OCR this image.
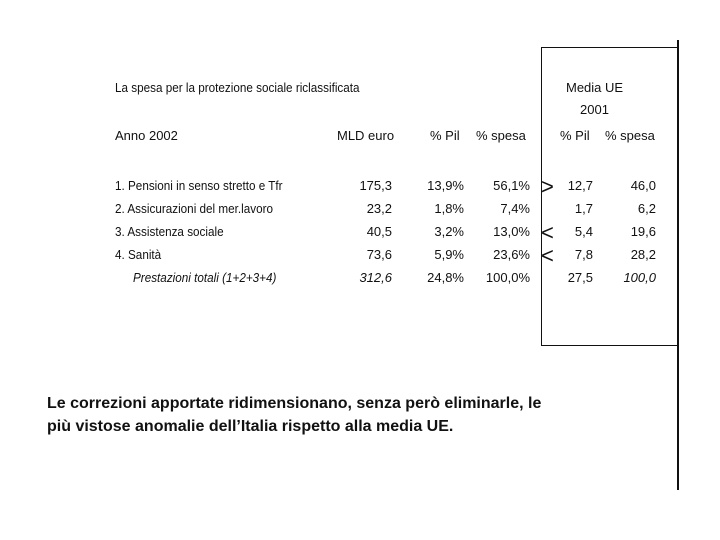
La spesa per la protezione sociale riclassificata	Media UE
2001
Anno 2002	MLD euro	% Pil % spesa	% Pil % spesa
1. Pensioni in senso stretto e Tfr	175,3	13,9%	56,1% >	12,7	46,0
2. Assicurazioni del mer.lavoro	23,2	1,8%	7,4%	1,7	6,2
3. Assistenza sociale	40,5	3,2%	13,0% <	5,4	19,6
4. Sanità	73,6	5,9%	23,6% <	7,8	28,2
Prestazioni totali (1+2+3+4)	312,6	24,8%	100,0%	27,5	100,0
Le correzioni apportate ridimensionano, senza però eliminarle, le
più vistose anomalie dell’Italia rispetto alla media UE.
